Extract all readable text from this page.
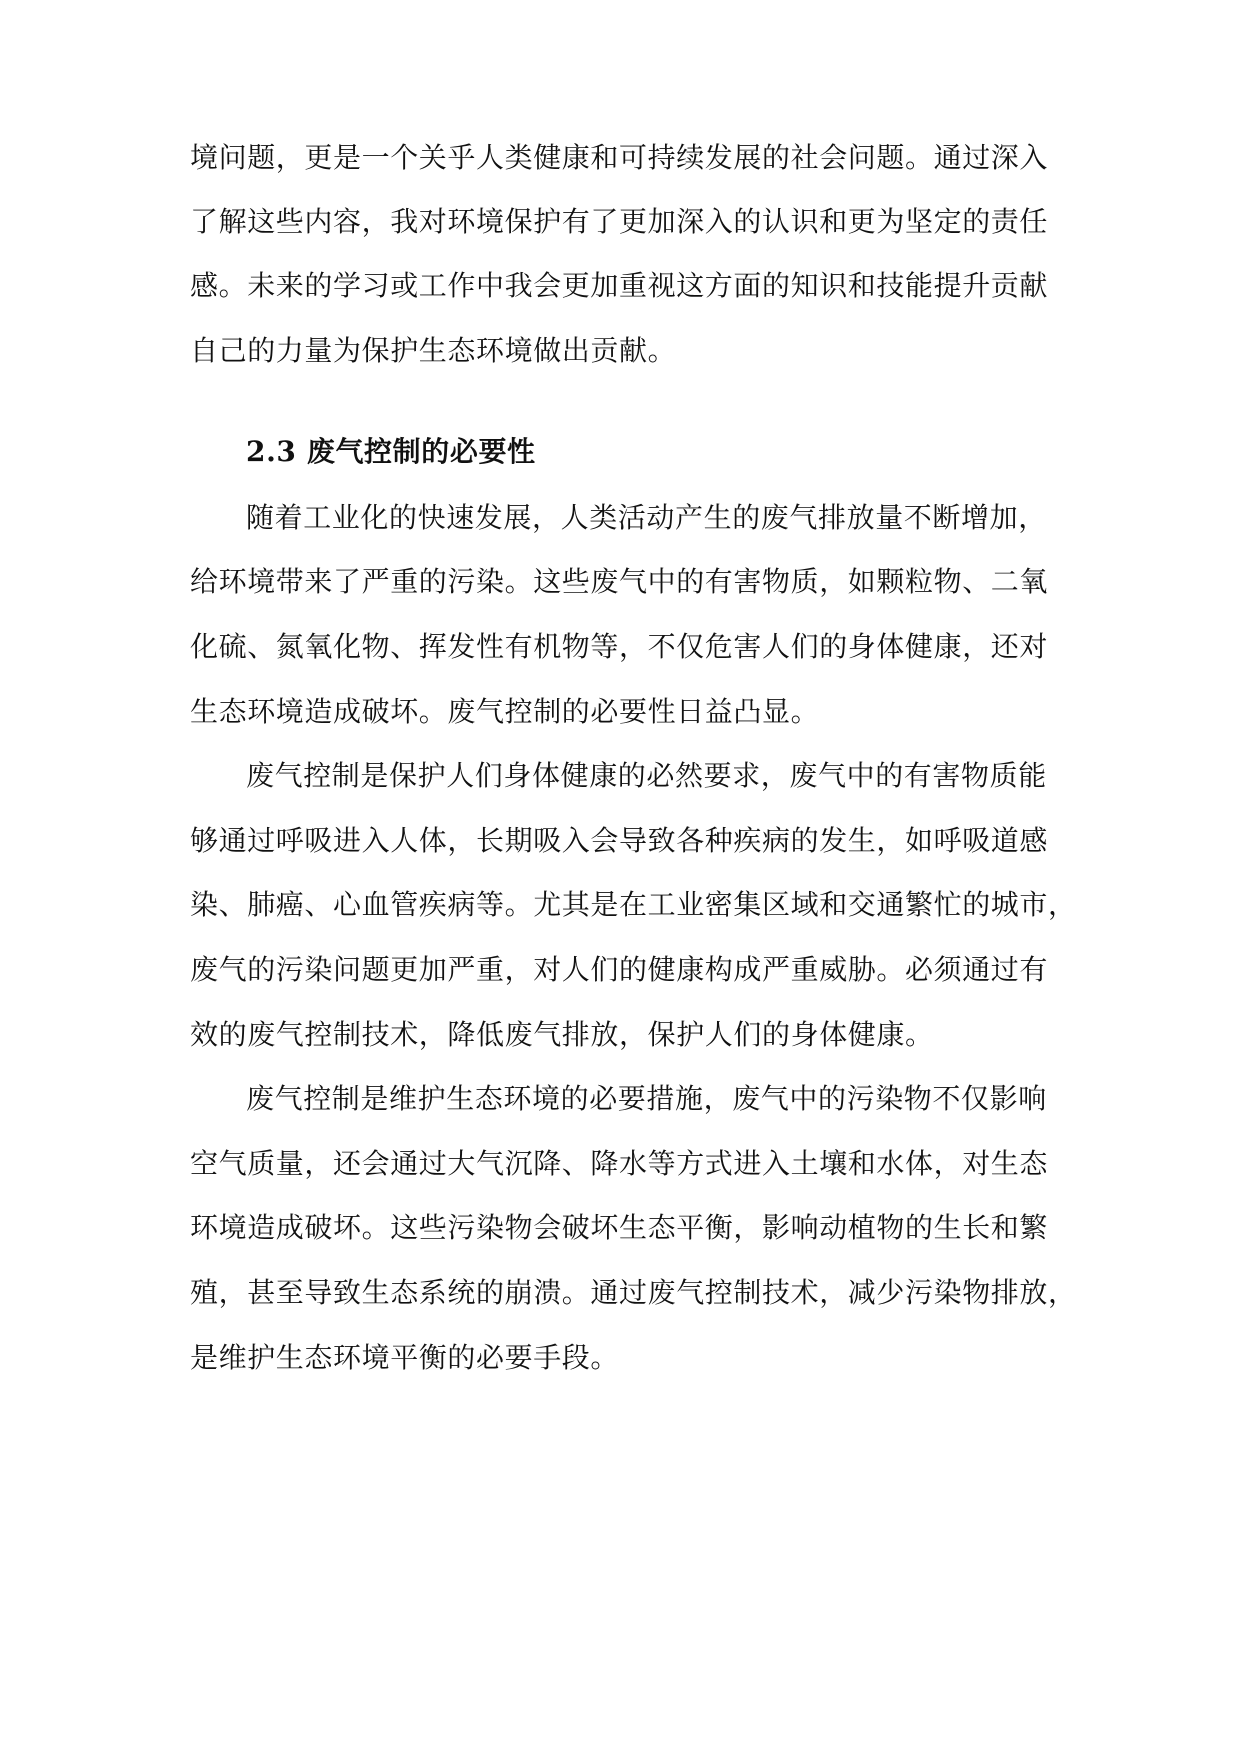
境问题，更是一个关乎人类健康和可持续发展的社会问题。通过深入
了解这些内容，我对环境保护有了更加深入的认识和更为坚定的责任
感。未来的学习或工作中我会更加重视这方面的知识和技能提升贡献
自己的力量为保护生态环境做出贡献。
2.3 废气控制的必要性
随着工业化的快速发展，人类活动产生的废气排放量不断增加，
给环境带来了严重的污染。这些废气中的有害物质，如颗粒物、二氧
化硫、氮氧化物、挥发性有机物等，不仅危害人们的身体健康，还对
生态环境造成破坏。废气控制的必要性日益凸显。
废气控制是保护人们身体健康的必然要求，废气中的有害物质能
够通过呼吸进入人体，长期吸入会导致各种疾病的发生，如呼吸道感
染、肺癌、心血管疾病等。尤其是在工业密集区域和交通繁忙的城市，
废气的污染问题更加严重，对人们的健康构成严重威胁。必须通过有
效的废气控制技术，降低废气排放，保护人们的身体健康。
废气控制是维护生态环境的必要措施，废气中的污染物不仅影响
空气质量，还会通过大气沉降、降水等方式进入土壤和水体，对生态
环境造成破坏。这些污染物会破坏生态平衡，影响动植物的生长和繁
殖，甚至导致生态系统的崩溃。通过废气控制技术，减少污染物排放，
是维护生态环境平衡的必要手段。
